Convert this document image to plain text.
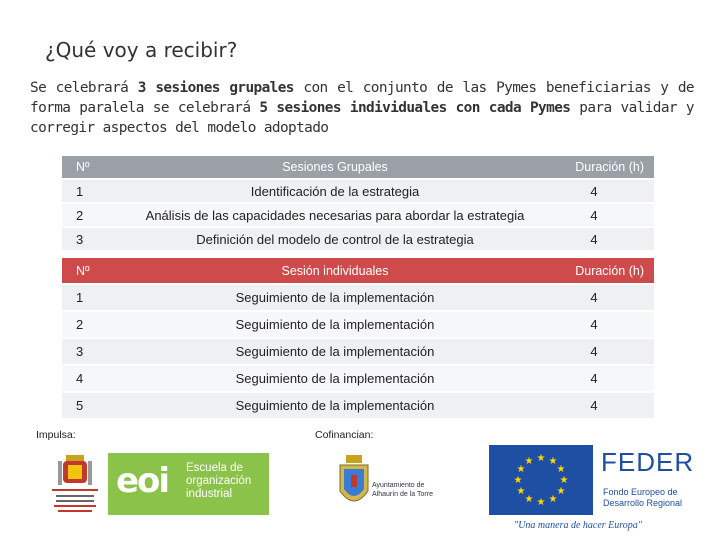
¿Qué voy a recibir?
Se celebrará 3 sesiones grupales con el conjunto de las Pymes beneficiarias y de forma paralela se celebrará 5 sesiones individuales con cada Pymes para validar y corregir aspectos del modelo adoptado
Nº	Sesiones Grupales	Duración (h)
1	Identificación de la estrategia	4
2	Análisis de las capacidades necesarias para abordar la estrategia	4
3	Definición del modelo de control de la estrategia	4
Nº	Sesión individuales	Duración (h)
1	Seguimiento de la implementación	4
2	Seguimiento de la implementación	4
3	Seguimiento de la implementación	4
4	Seguimiento de la implementación	4
5	Seguimiento de la implementación	4
Impulsa:	Cofinancian:
eoi Escuela de organización industrial
Ayuntamiento de Alhaurín de la Torre
★ ★
★
★
★
★
★
★
★
★
★
★	FEDER
Fondo Europeo de Desarrollo Regional
"Una manera de hacer Europa"
